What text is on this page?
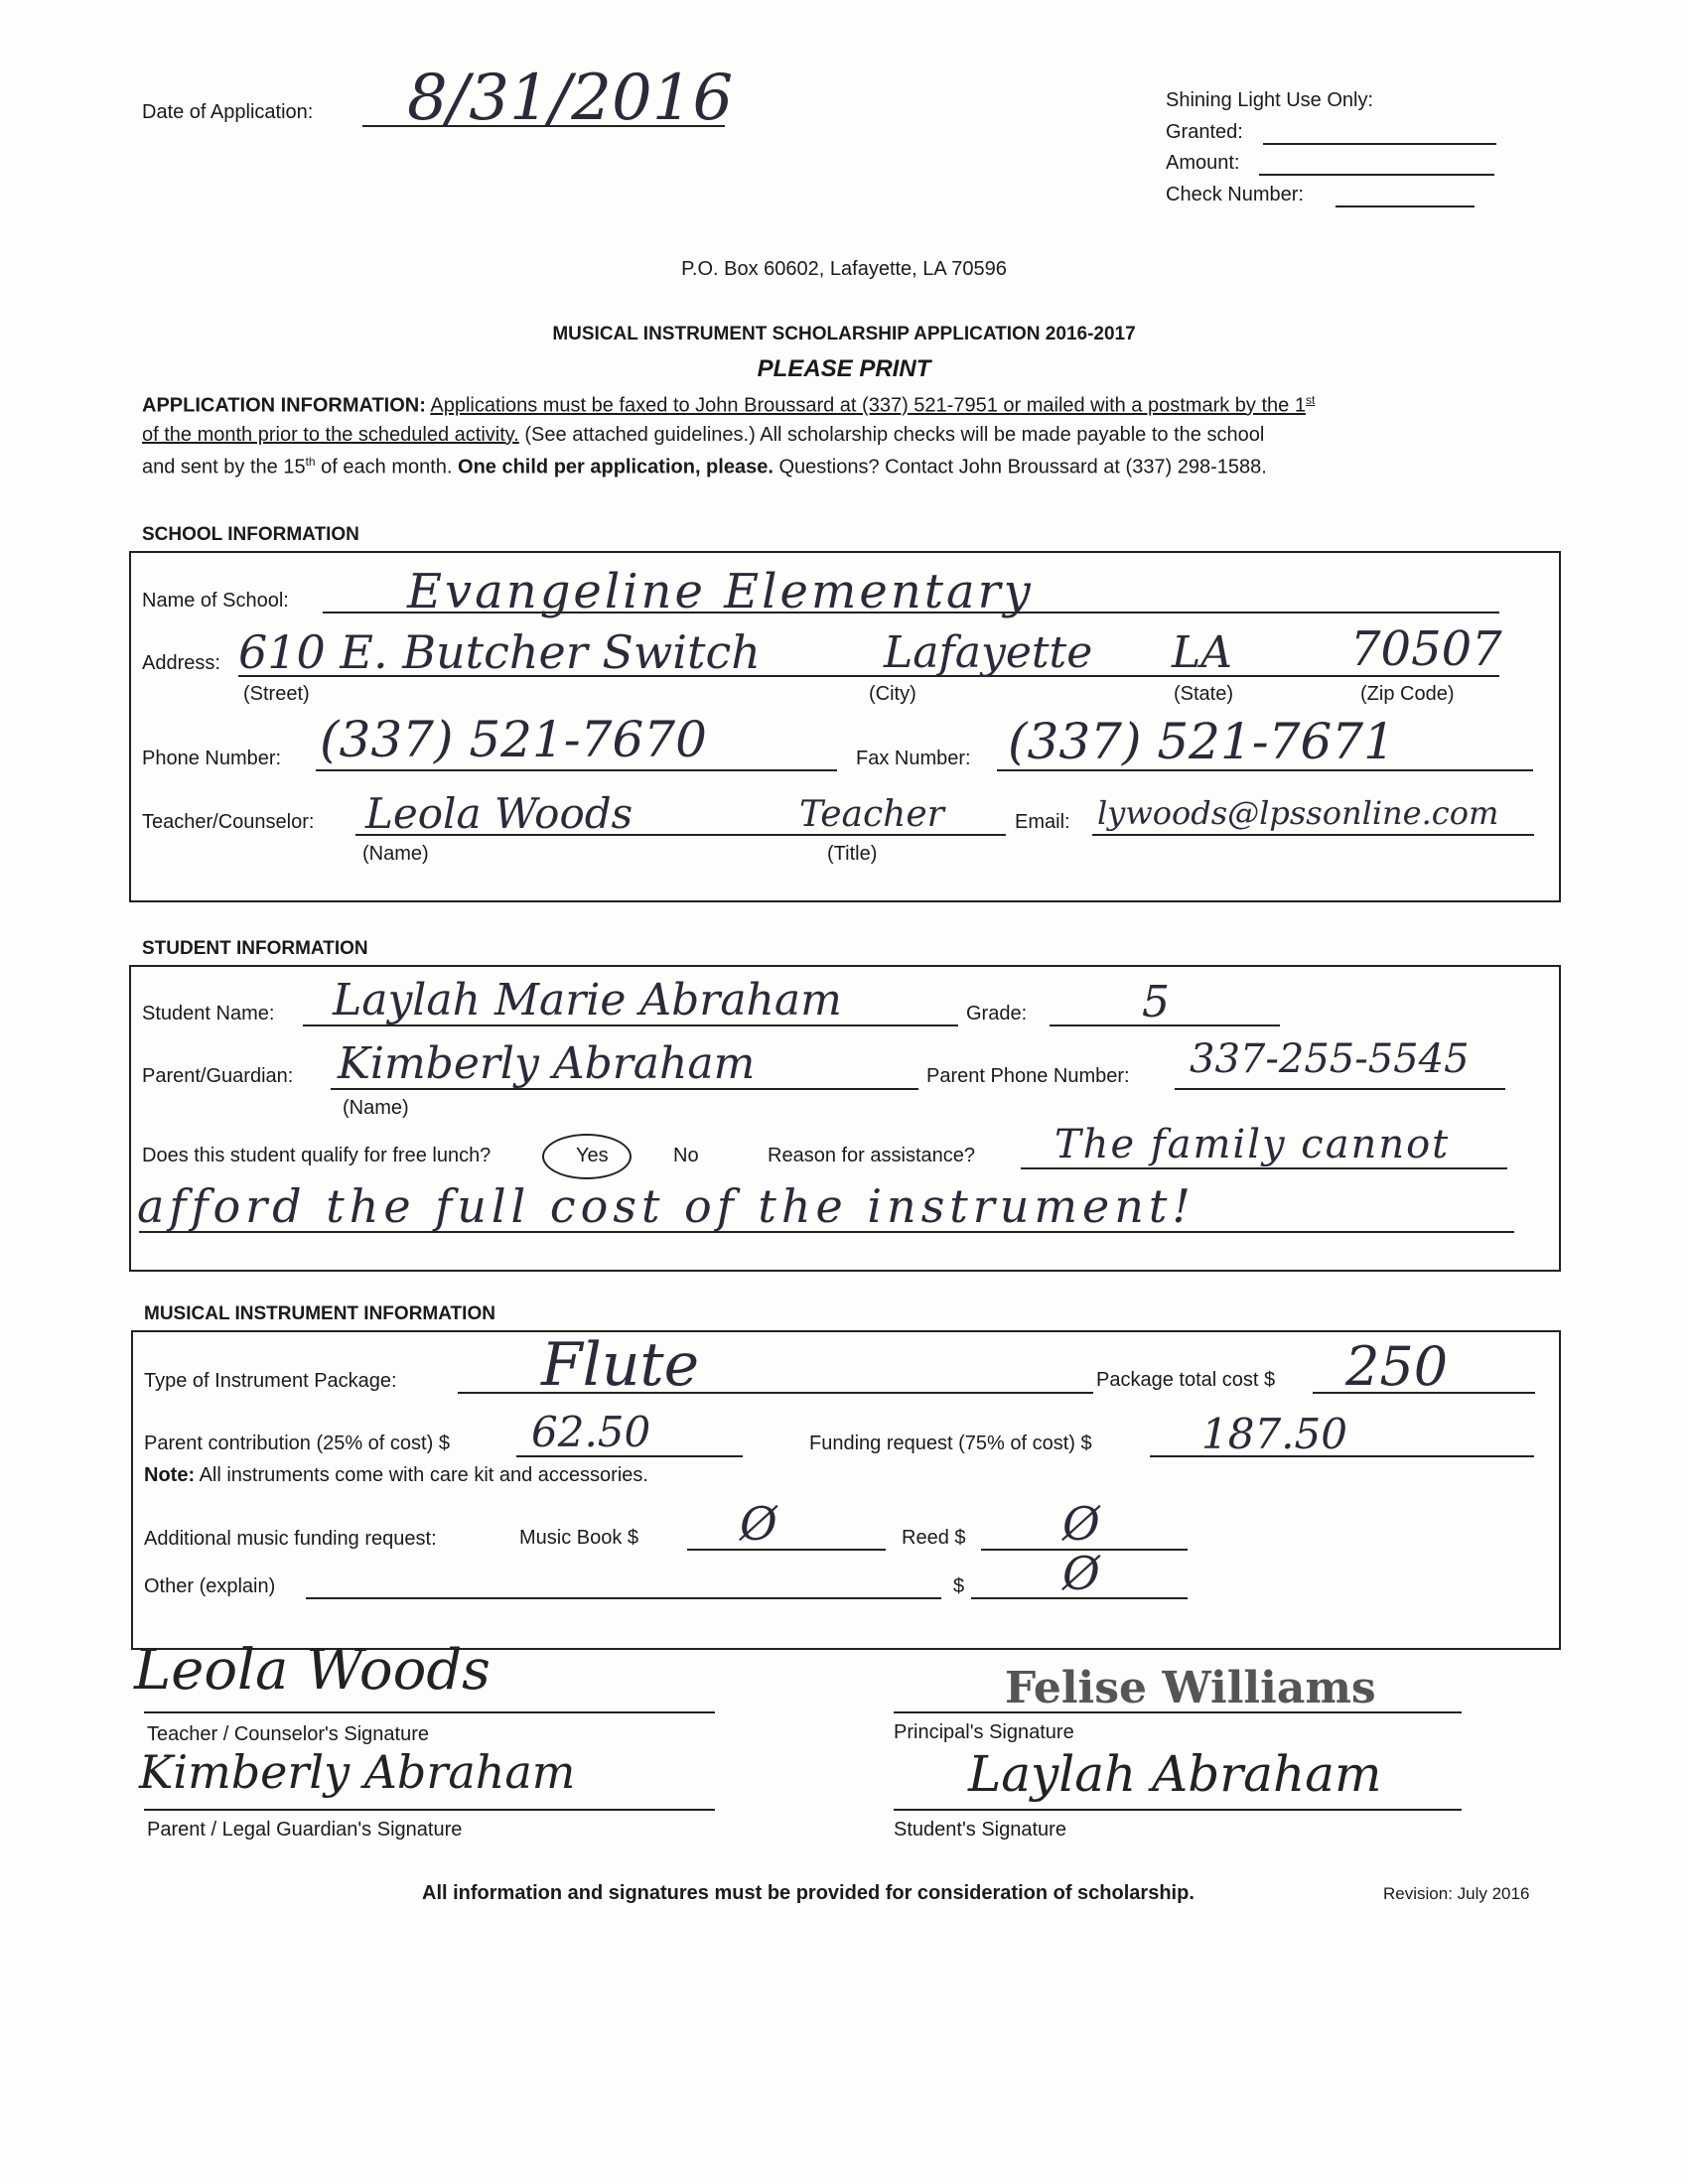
Date of Application: 8/31/2016	Shining Light Use Only:
Granted:
Amount:
Check Number:
P.O. Box 60602, Lafayette, LA 70596
MUSICAL INSTRUMENT SCHOLARSHIP APPLICATION 2016-2017
PLEASE PRINT
APPLICATION INFORMATION: Applications must be faxed to John Broussard at (337) 521-7951 or mailed with a postmark by the 1st
of the month prior to the scheduled activity. (See attached guidelines.) All scholarship checks will be made payable to the school
and sent by the 15th of each month. One child per application, please. Questions? Contact John Broussard at (337) 298-1588.
SCHOOL INFORMATION
Name of School: Evangeline Elementary
Address: 610 E. Butcher Switch	Lafayette LA 70507
(Street)	(City)	(State)	(Zip Code)
Phone Number: (337) 521-7670	Fax Number: (337) 521-7671
Teacher/Counselor: Leola Woods	Teacher
(Name)	(Title)
Email: lywoods@lpssonline.com
STUDENT INFORMATION
Student Name: Laylah Marie Abraham	Grade:	5
Parent/Guardian: Kimberly Abraham
(Name)
Parent Phone Number: 337-255-5545
Does this student qualify for free lunch?	Yes	No	Reason for assistance? The family cannot
afford the full cost of the instrument!
MUSICAL INSTRUMENT INFORMATION
Type of Instrument Package: Flute	Package total cost $ 250
Parent contribution (25% of cost) $ 62.50	Funding request (75% of cost) $	187.50
Note: All instruments come with care kit and accessories.
Additional music funding request:	Music Book $ Ø	Reed $ Ø
Other (explain)	$ Ø
Leola Woods
Teacher / Counselor's Signature
Felise Williams
Principal's Signature
Kimberly Abraham
Parent / Legal Guardian's Signature
Laylah Abraham
Student's Signature
All information and signatures must be provided for consideration of scholarship.	Revision: July 2016
